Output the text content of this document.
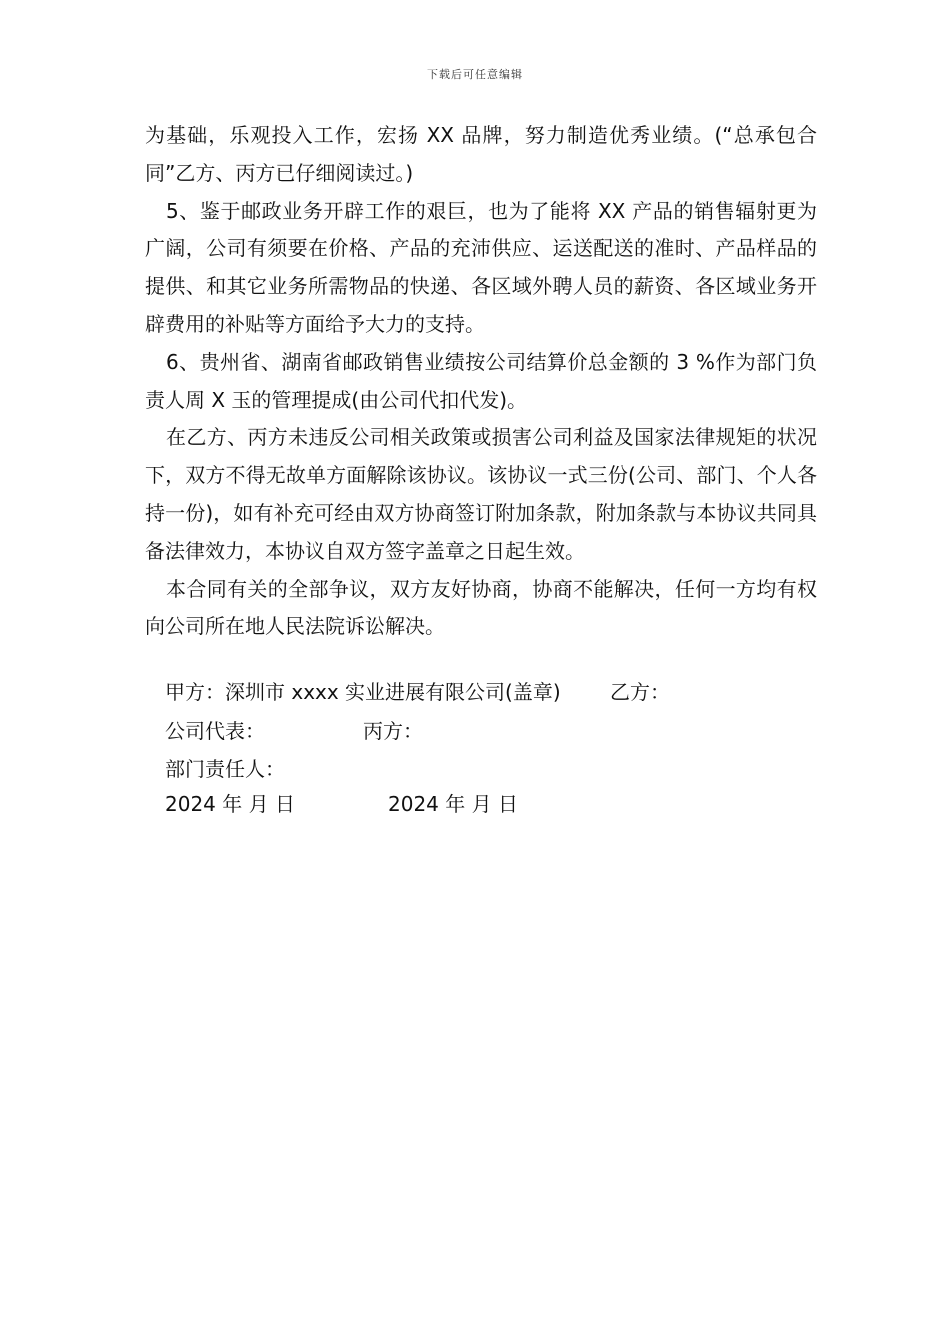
下载后可任意编辑

为基础，乐观投入工作，宏扬 XX 品牌，努力制造优秀业绩。(“总承包合同”乙方、丙方已仔细阅读过。)

5、鉴于邮政业务开辟工作的艰巨，也为了能将 XX 产品的销售辐射更为广阔，公司有须要在价格、产品的充沛供应、运送配送的准时、产品样品的提供、和其它业务所需物品的快递、各区域外聘人员的薪资、各区域业务开辟费用的补贴等方面给予大力的支持。

6、贵州省、湖南省邮政销售业绩按公司结算价总金额的 3 %作为部门负责人周 X 玉的管理提成(由公司代扣代发)。

在乙方、丙方未违反公司相关政策或损害公司利益及国家法律规矩的状况下，双方不得无故单方面解除该协议。该协议一式三份(公司、部门、个人各持一份)，如有补充可经由双方协商签订附加条款，附加条款与本协议共同具备法律效力，本协议自双方签字盖章之日起生效。

本合同有关的全部争议，双方友好协商，协商不能解决，任何一方均有权向公司所在地人民法院诉讼解决。

甲方：深圳市 xxxx 实业进展有限公司(盖章) 乙方：
公司代表：	丙方：
部门责任人：
2024 年 月 日	2024 年 月 日
